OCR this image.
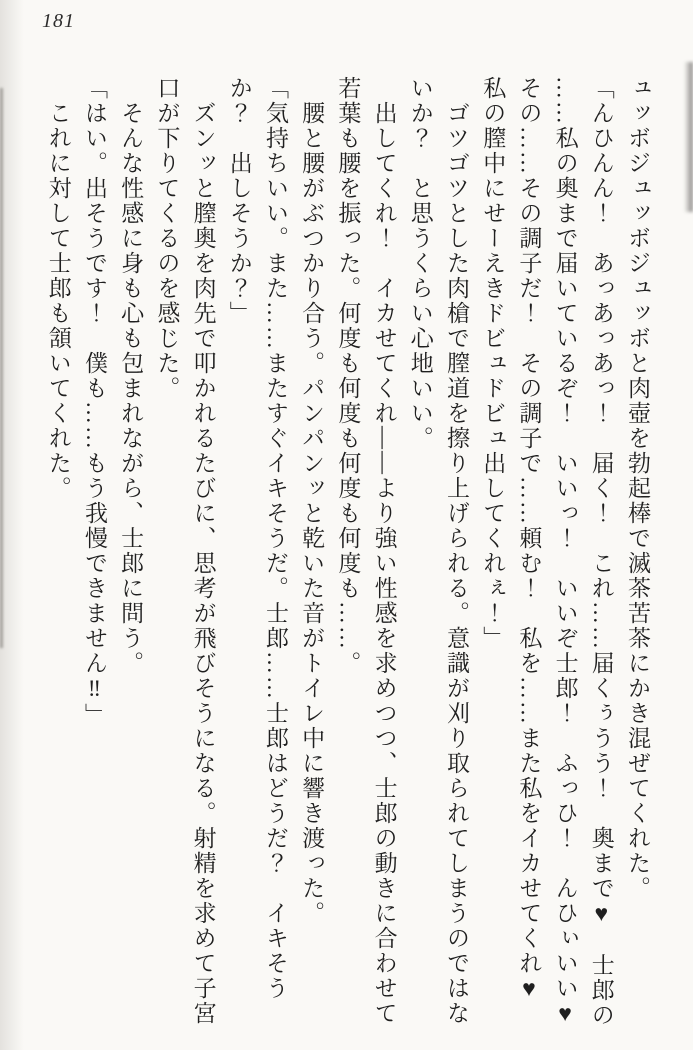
181
ュッボジュッボジュッボと肉壺を勃起棒で滅茶苦茶にかき混ぜてくれた。
「んひんん！　あっあっあっ！　届く！　これ……届くぅうう！　奥まで♥　士郎の
……私の奥まで届いているぞ！　いいっ！　いいぞ士郎！　ふっひ！　んひぃいい♥
その……その調子だ！　その調子で……頼む！　私を……また私をイカせてくれ♥
私の膣中にせーえきドビュドビュ出してくれぇ！」
ゴツゴツとした肉槍で膣道を擦り上げられる。意識が刈り取られてしまうのではな
いか？　と思うくらい心地いい。
出してくれ！　イカせてくれ――より強い性感を求めつつ、士郎の動きに合わせて
若葉も腰を振った。何度も何度も何度も何度も……。
腰と腰がぶつかり合う。パンパンッと乾いた音がトイレ中に響き渡った。
「気持ちいい。また……またすぐイキそうだ。士郎……士郎はどうだ？　イキそう
か？　出しそうか？」
ズンッと膣奥を肉先で叩かれるたびに、思考が飛びそうになる。射精を求めて子宮
口が下りてくるのを感じた。
そんな性感に身も心も包まれながら、士郎に問う。
「はい。出そうです！　僕も……もう我慢できません‼」
これに対して士郎も頷いてくれた。
